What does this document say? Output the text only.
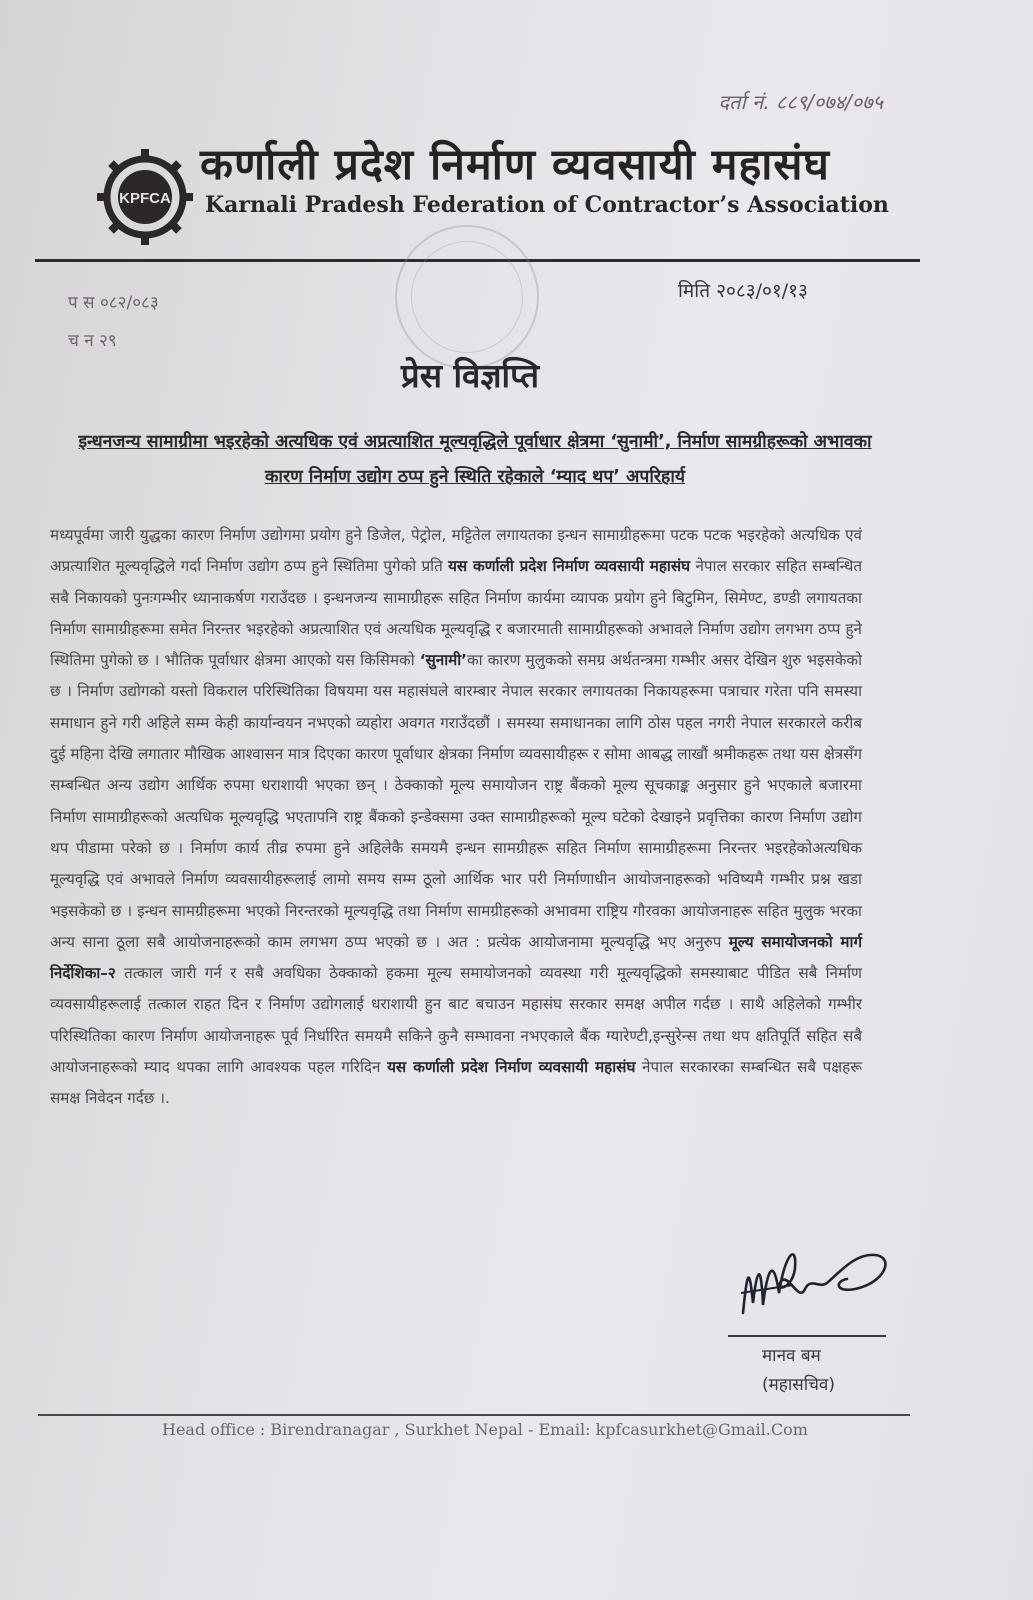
दर्ता नं. ८८९/०७४/०७५
KPFCA
कर्णाली प्रदेश निर्माण व्यवसायी महासंघ
Karnali Pradesh Federation of Contractor’s Association
प स ०८२/०८३
च न २९
मिति २०८३/०१/१३
प्रेस विज्ञप्ति
इन्धनजन्य सामाग्रीमा भइरहेको अत्यधिक एवं अप्रत्याशित मूल्यवृद्धिले पूर्वाधार क्षेत्रमा ‘सुनामी’, निर्माण सामग्रीहरूको अभावका कारण निर्माण उद्योग ठप्प हुने स्थिति रहेकाले ‘म्याद थप’ अपरिहार्य
मध्यपूर्वमा जारी युद्धका कारण निर्माण उद्योगमा प्रयोग हुने डिजेल, पेट्रोल, मट्टितेल लगायतका इन्धन सामाग्रीहरूमा पटक पटक भइरहेको अत्यधिक एवं अप्रत्याशित मूल्यवृद्धिले गर्दा निर्माण उद्योग ठप्प हुने स्थितिमा पुगेको प्रति यस कर्णाली प्रदेश निर्माण व्यवसायी महासंघ नेपाल सरकार सहित सम्बन्धित सबै निकायको पुनःगम्भीर ध्यानाकर्षण गराउँदछ । इन्धनजन्य सामाग्रीहरू सहित निर्माण कार्यमा व्यापक प्रयोग हुने बिटुमिन, सिमेण्ट, डण्डी लगायतका निर्माण सामाग्रीहरूमा समेत निरन्तर भइरहेको अप्रत्याशित एवं अत्यधिक मूल्यवृद्धि र बजारमाती सामाग्रीहरूको अभावले निर्माण उद्योग लगभग ठप्प हुने स्थितिमा पुगेको छ । भौतिक पूर्वाधार क्षेत्रमा आएको यस किसिमको ‘सुनामी’का कारण मुलुकको समग्र अर्थतन्त्रमा गम्भीर असर देखिन शुरु भइसकेको छ । निर्माण उद्योगको यस्तो विकराल परिस्थितिका विषयमा यस महासंघले बारम्बार नेपाल सरकार लगायतका निकायहरूमा पत्राचार गरेता पनि समस्या समाधान हुने गरी अहिले सम्म केही कार्यान्वयन नभएको व्यहोरा अवगत गराउँदछौं । समस्या समाधानका लागि ठोस पहल नगरी नेपाल सरकारले करीब दुई महिना देखि लगातार मौखिक आश्वासन मात्र दिएका कारण पूर्वाधार क्षेत्रका निर्माण व्यवसायीहरू र सोमा आबद्ध लाखौं श्रमीकहरू तथा यस क्षेत्रसँग सम्बन्धित अन्य उद्योग आर्थिक रुपमा धराशायी भएका छन् । ठेक्काको मूल्य समायोजन राष्ट्र बैंकको मूल्य सूचकाङ्क अनुसार हुने भएकाले बजारमा निर्माण सामाग्रीहरूको अत्यधिक मूल्यवृद्धि भएतापनि राष्ट्र बैंकको इन्डेक्समा उक्त सामाग्रीहरूको मूल्य घटेको देखाइने प्रवृत्तिका कारण निर्माण उद्योग थप पीडामा परेको छ । निर्माण कार्य तीव्र रुपमा हुने अहिलेकै समयमै इन्धन सामग्रीहरू सहित निर्माण सामाग्रीहरूमा निरन्तर भइरहेकोअत्यधिक मूल्यवृद्धि एवं अभावले निर्माण व्यवसायीहरूलाई लामो समय सम्म ठूलो आर्थिक भार परी निर्माणाधीन आयोजनाहरूको भविष्यमै गम्भीर प्रश्न खडा भइसकेको छ । इन्धन सामग्रीहरूमा भएको निरन्तरको मूल्यवृद्धि तथा निर्माण सामग्रीहरूको अभावमा राष्ट्रिय गौरवका आयोजनाहरू सहित मुलुक भरका अन्य साना ठूला सबै आयोजनाहरूको काम लगभग ठप्प भएको छ । अत : प्रत्येक आयोजनामा मूल्यवृद्धि भए अनुरुप मूल्य समायोजनको मार्ग निर्देशिका–२ तत्काल जारी गर्न र सबै अवधिका ठेक्काको हकमा मूल्य समायोजनको व्यवस्था गरी मूल्यवृद्धिको समस्याबाट पीडित सबै निर्माण व्यवसायीहरूलाई तत्काल राहत दिन र निर्माण उद्योगलाई धराशायी हुन बाट बचाउन महासंघ सरकार समक्ष अपील गर्दछ । साथै अहिलेको गम्भीर परिस्थितिका कारण निर्माण आयोजनाहरू पूर्व निर्धारित समयमै सकिने कुनै सम्भावना नभएकाले बैंक ग्यारेण्टी,इन्सुरेन्स तथा थप क्षतिपूर्ति सहित सबै आयोजनाहरूको म्याद थपका लागि आवश्यक पहल गरिदिन यस कर्णाली प्रदेश निर्माण व्यवसायी महासंघ नेपाल सरकारका सम्बन्धित सबै पक्षहरू समक्ष निवेदन गर्दछ ।.
मानव बम
(महासचिव)
Head office : Birendranagar , Surkhet Nepal - Email: kpfcasurkhet@Gmail.Com
